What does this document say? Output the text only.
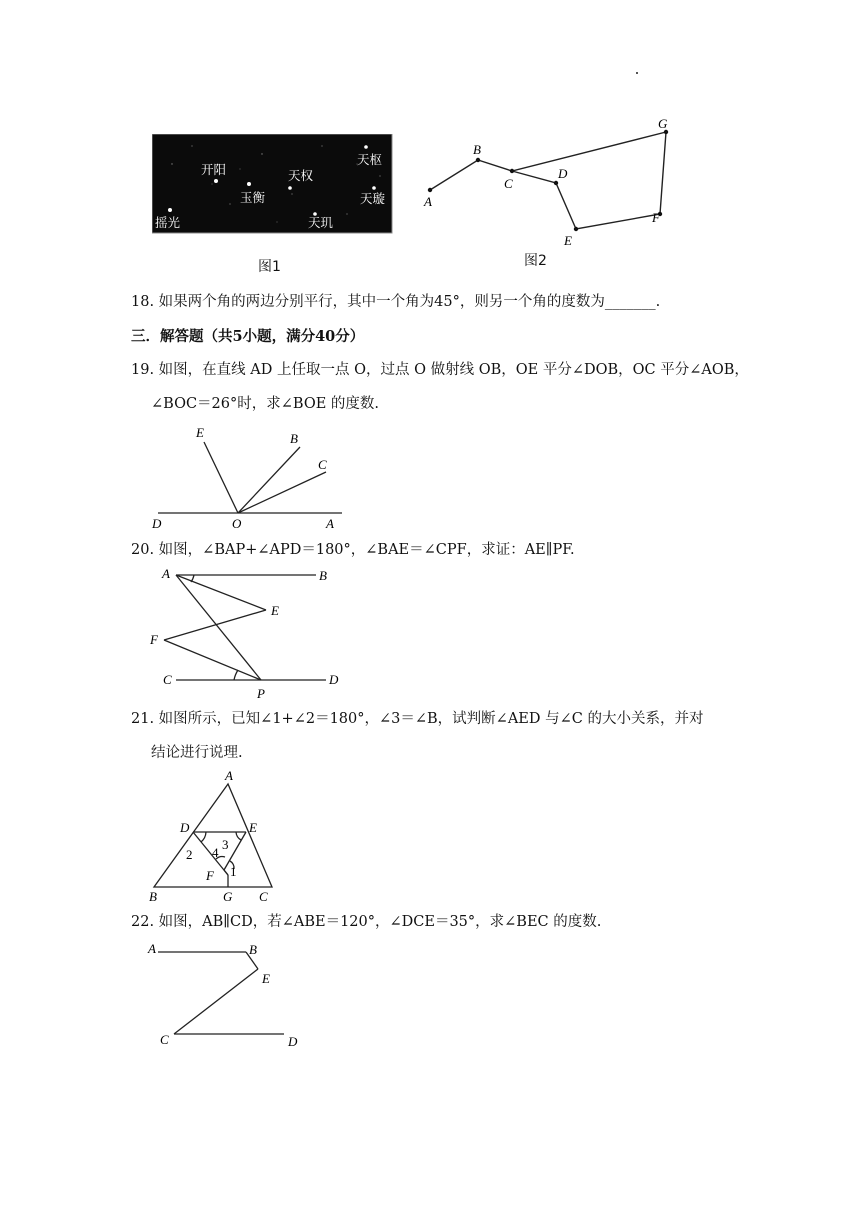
开阳	天权
天枢
玉衡	天璇
摇光	天玑
图1
A
B
C
D
E
F
G
图2
18. 如果两个角的两边分别平行，其中一个角为45°，则另一个角的度数为_______.
三．解答题（共5小题，满分40分）
19. 如图，在直线 AD 上任取一点 O，过点 O 做射线 OB，OE 平分∠DOB，OC 平分∠AOB，
∠BOC＝26°时，求∠BOE 的度数.
E	B
C
D	O	A
20. 如图，∠BAP+∠APD＝180°，∠BAE＝∠CPF，求证：AE∥PF.
A	B
E
F
C
P
D
21. 如图所示，已知∠1+∠2＝180°，∠3＝∠B，试判断∠AED 与∠C 的大小关系，并对
结论进行说理.
A
D	E
2 4
3
F 1
B	G C
22. 如图，AB∥CD，若∠ABE＝120°，∠DCE＝35°，求∠BEC 的度数.
A	B
E
C	D
